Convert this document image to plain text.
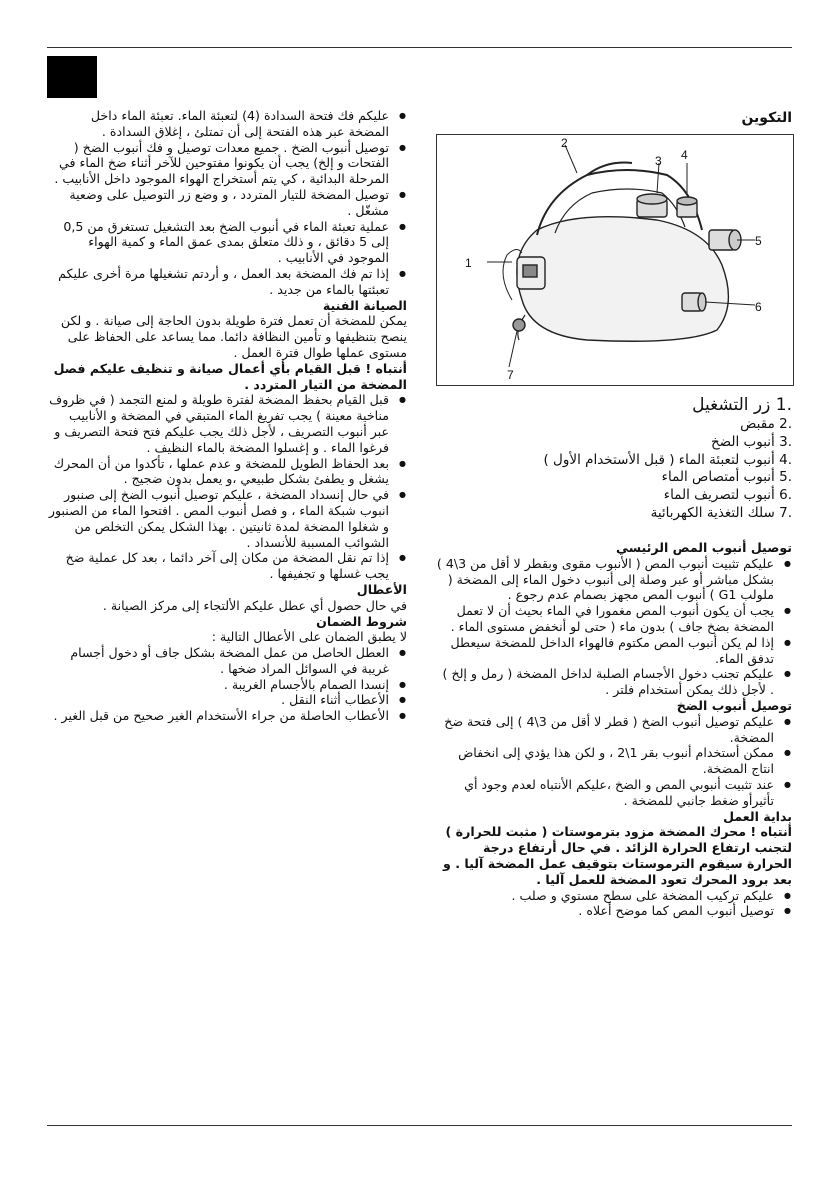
التكوين
2
3 4
5
6
1
7
.1 زر التشغيل
.2 مقبض
.3 أنبوب الضخ
.4 أنبوب لتعبئة الماء ( قبل الأستخدام الأول )
.5 أنبوب أمتصاص الماء
.6 أنبوب لتصريف الماء
.7 سلك التغذية الكهربائية

توصيل أنبوب المص الرئيسي

● عليكم تثبيت أنبوب المص ( الأنبوب مقوى وبقطر لا أقل من 3\4 ) بشكل مباشر أو عبر وصلة إلى أنبوب دخول الماء إلى المضخة ( ملولب G1 ) أنبوب المص مجهز بصمام عدم رجوع .
● يجب أن يكون أنبوب المص مغمورا في الماء بحيث أن لا تعمل المضخة بضخ جاف ) بدون ماء ( حتى لو أنخفض مستوى الماء .
● إذا لم يكن أنبوب المص مكتوم فالهواء الداخل للمضخة سيعطل تدفق الماء.
● عليكم تجنب دخول الأجسام الصلبة لداخل المضخة ( رمل و إلخ ) . لأجل ذلك يمكن أستخدام فلتر .

توصيل أنبوب الضخ

● عليكم توصيل أنبوب الضخ ( قطر لا أقل من 3\4 ) إلى فتحة ضخ المضخة.
● ممكن أستخدام أنبوب بقر 1\2 ، و لكن هذا يؤدي إلى انخفاض انتاج المضخة.
● عند تثبيت أنبوبي المص و الضخ ،عليكم الأنتباه لعدم وجود أي تأثيرأو ضغط جانبي للمضخة .

بداية العمل

أنتباه ! محرك المضخة مزود بترموستات ( مثبت للحرارة ) لتجنب ارتفاع الحرارة الزائد . في حال أرتفاع درجة الحرارة سيقوم الترموستات بتوقيف عمل المضخة آليا . و بعد برود المحرك تعود المضخة للعمل آليا .

● عليكم تركيب المضخة على سطح مستوي و صلب .
● توصيل أنبوب المص كما موضح أعلاه .
● عليكم فك فتحة السدادة (4) لتعبئة الماء. تعبئة الماء داخل المضخة عبر هذه الفتحة إلى أن تمتلئ ، إغلاق السدادة .
● توصيل أنبوب الضخ . جميع معدات توصيل و فك أنبوب الضخ ( الفتحات و إلخ) يجب أن يكونوا مفتوحين للآخر أثناء ضخ الماء في المرحلة البدائية ، كي يتم أستخراج الهواء الموجود داخل الأنابيب .
● توصيل المضخة للتيار المتردد ، و وضع زر التوصيل على وضعية مشغّل .
● عملية تعبئة الماء في أنبوب الضخ بعد التشغيل تستغرق من 0,5 إلى 5 دقائق ، و ذلك متعلق بمدى عمق الماء و كمية الهواء الموجود في الأنابيب .
● إذا تم فك المضخة بعد العمل ، و أردتم تشغيلها مرة أخرى عليكم تعبئتها بالماء من جديد .

الصيانة الفنية

يمكن للمضخة أن تعمل فترة طويلة بدون الحاجة إلى صيانة . و لكن ينصح بتنظيفها و تأمين النظافة دائما. مما يساعد على الحفاظ على مستوى عملها طوال فترة العمل .

أنتباه ! قبل القيام بأي أعمال صيانة و تنظيف عليكم فصل المضخة من التيار المتردد .

● قبل القيام بحفظ المضخة لفترة طويلة و لمنع التجمد ( في ظروف مناخية معينة ) يجب تفريغ الماء المتبقي في المضخة و الأنابيب عبر أنبوب التصريف ، لأجل ذلك يجب عليكم فتح فتحة التصريف و فرغوا الماء . و إغسلوا المضخة بالماء النظيف .
● بعد الحفاظ الطويل للمضخة و عدم عملها ، تأكدوا من أن المحرك يشغل و يطفئ بشكل طبيعي ،و يعمل بدون ضجيج .
● في حال إنسداد المضخة ، عليكم توصيل أنبوب الضخ إلى صنبور انبوب شبكة الماء ، و فصل أنبوب المص . افتحوا الماء من الصنبور و شغلوا المضخة لمدة ثانيتين . بهذا الشكل يمكن التخلص من الشوائب المسببة للأنسداد .
● إذا تم نقل المضخة من مكان إلى آخر دائما ، بعد كل عملية ضخ يجب غسلها و تجفيفها .

الأعطال

في حال حصول أي عطل عليكم الألتجاء إلى مركز الصيانة .

شروط الضمان

لا يطبق الضمان على الأعطال التالية :

● العطل الحاصل من عمل المضخة بشكل جاف أو دخول أجسام غريبة في السوائل المراد ضخها .
● إنسدا الصمام بالأجسام الغريبة .
● الأعطاب أثناء النقل .
● الأعطاب الحاصلة من جراء الأستخدام الغير صحيح من قبل الغير .
